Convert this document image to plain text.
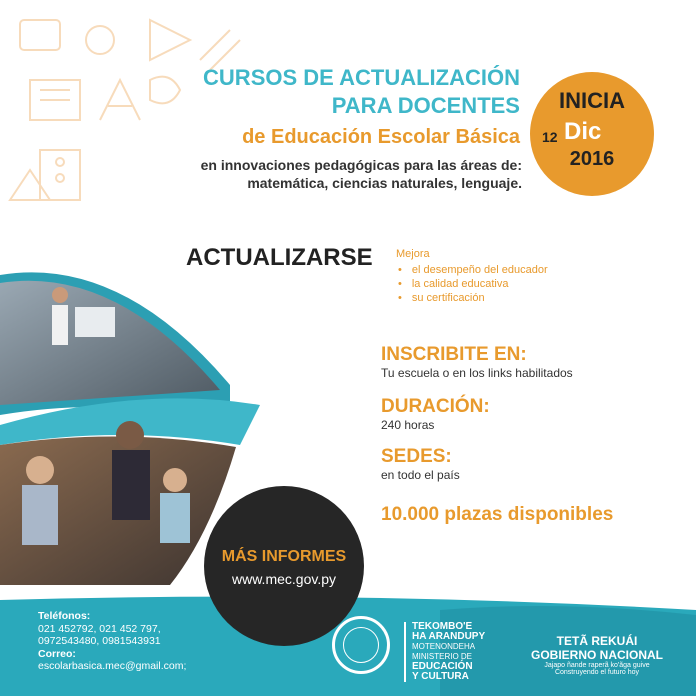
CURSOS DE ACTUALIZACIÓN
PARA DOCENTES
de Educación Escolar Básica
en innovaciones pedagógicas para las áreas de:
matemática, ciencias naturales, lenguaje.
INICIA
12 Dic
2016
ACTUALIZARSE Mejora
• el desempeño del educador
• la calidad educativa
• su certificación
INSCRIBITE EN:
Tu escuela o en los links habilitados
DURACIÓN:
240 horas
SEDES:
en todo el país
10.000 plazas disponibles
MÁS INFORMES
www.mec.gov.py
Teléfonos:
021 452792, 021 452 797,
0972543480, 0981543931
Correo:
escolarbasica.mec@gmail.com;
TEKOMBO'E
HA ARANDUPY
MOTENONDEHA
MINISTERIO DE
EDUCACIÓN
Y CULTURA
TETÃ REKUÁI
GOBIERNO NACIONAL
Jajapo ñande raperã ko'ãga guive
Construyendo el futuro hoy
